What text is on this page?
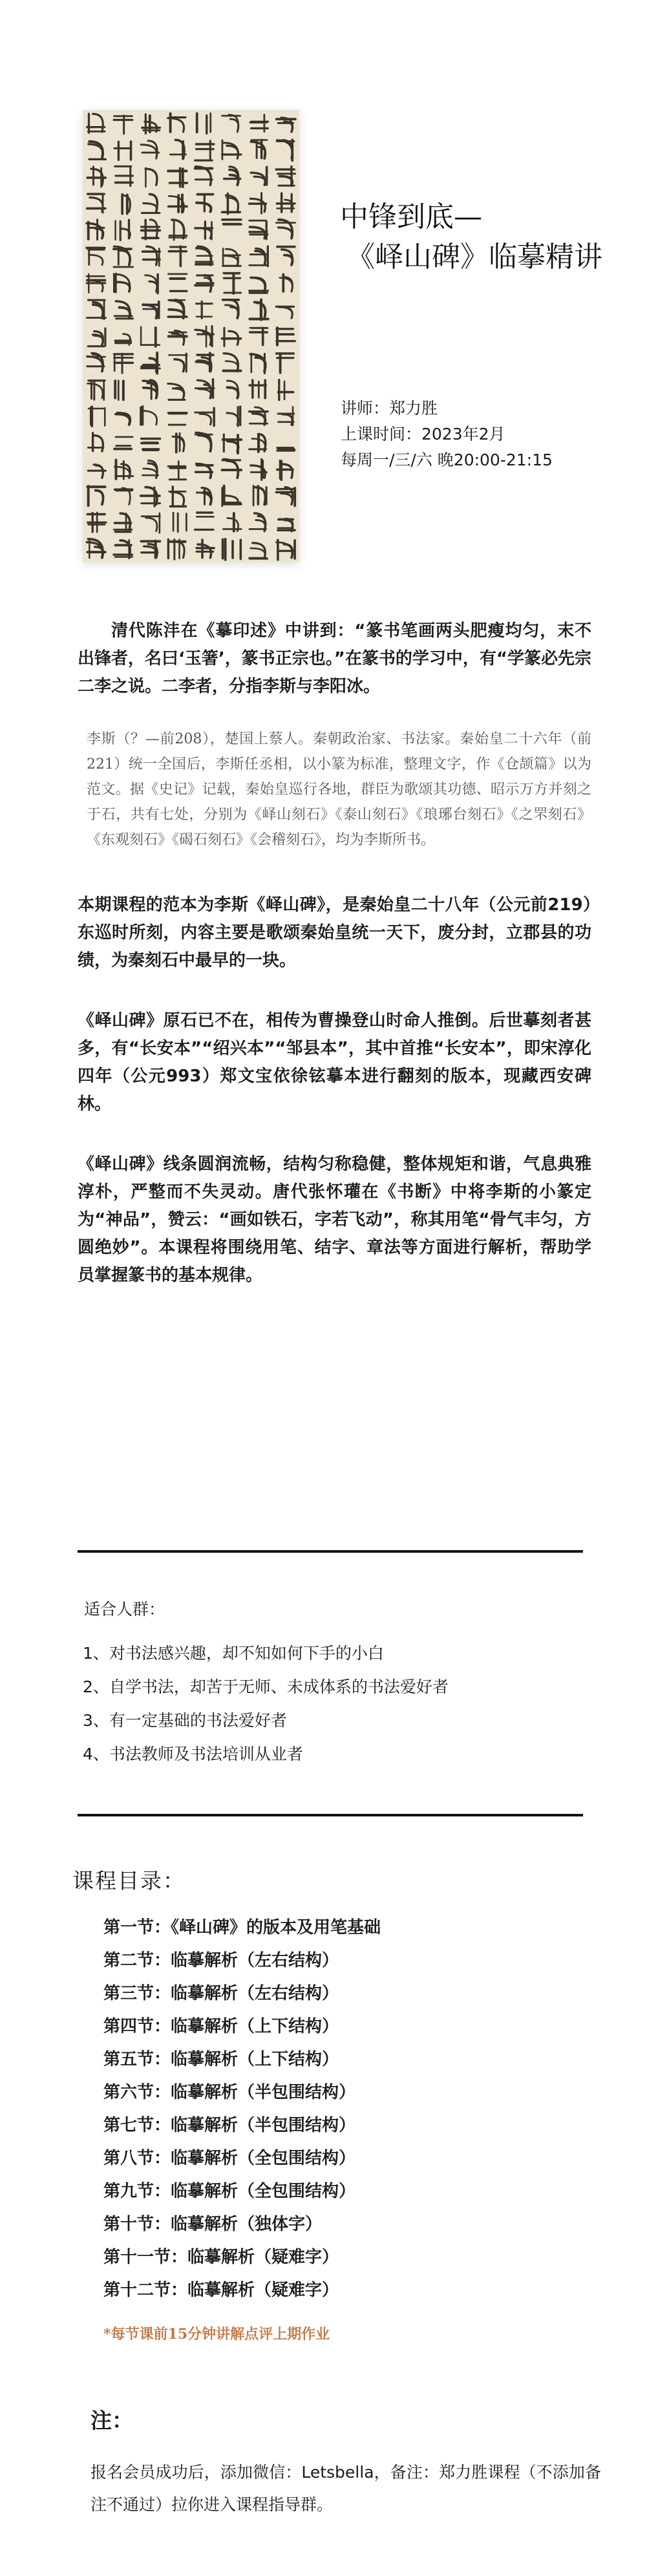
中锋到底—
《峄山碑》临摹精讲
讲师：郑力胜
上课时间：2023年2月
每周一/三/六 晚20:00-21:15

清代陈沣在《摹印述》中讲到：“篆书笔画两头肥瘦均匀，末不出锋者，名曰‘玉箸’，篆书正宗也。”在篆书的学习中，有“学篆必先宗二李之说。二李者，分指李斯与李阳冰。

李斯（？—前208），楚国上蔡人。秦朝政治家、书法家。秦始皇二十六年（前221）统一全国后，李斯任丞相，以小篆为标准，整理文字，作《仓颉篇》以为范文。据《史记》记载，秦始皇巡行各地，群臣为歌颂其功德、昭示万方并刻之于石，共有七处，分别为《峄山刻石》《泰山刻石》《琅琊台刻石》《之罘刻石》《东观刻石》《碣石刻石》《会稽刻石》，均为李斯所书。

本期课程的范本为李斯《峄山碑》，是秦始皇二十八年（公元前219）东巡时所刻，内容主要是歌颂秦始皇统一天下，废分封，立郡县的功绩，为秦刻石中最早的一块。

《峄山碑》原石已不在，相传为曹操登山时命人推倒。后世摹刻者甚多，有“长安本”“绍兴本”“邹县本”，其中首推“长安本”，即宋淳化四年（公元993）郑文宝依徐铉摹本进行翻刻的版本，现藏西安碑林。

《峄山碑》线条圆润流畅，结构匀称稳健，整体规矩和谐，气息典雅淳朴，严整而不失灵动。唐代张怀瓘在《书断》中将李斯的小篆定为“神品”，赞云：“画如铁石，字若飞动”，称其用笔“骨气丰匀，方圆绝妙”。本课程将围绕用笔、结字、章法等方面进行解析，帮助学员掌握篆书的基本规律。

适合人群：
1、对书法感兴趣，却不知如何下手的小白
2、自学书法，却苦于无师、未成体系的书法爱好者
3、有一定基础的书法爱好者
4、书法教师及书法培训从业者
课程目录：
第一节：《峄山碑》的版本及用笔基础
第二节：临摹解析（左右结构）
第三节：临摹解析（左右结构）
第四节：临摹解析（上下结构）
第五节：临摹解析（上下结构）
第六节：临摹解析（半包围结构）
第七节：临摹解析（半包围结构）
第八节：临摹解析（全包围结构）
第九节：临摹解析（全包围结构）
第十节：临摹解析（独体字）
第十一节：临摹解析（疑难字）
第十二节：临摹解析（疑难字）
*每节课前15分钟讲解点评上期作业
注：

报名会员成功后，添加微信：Letsbella，备注：郑力胜课程（不添加备注不通过）拉你进入课程指导群。
